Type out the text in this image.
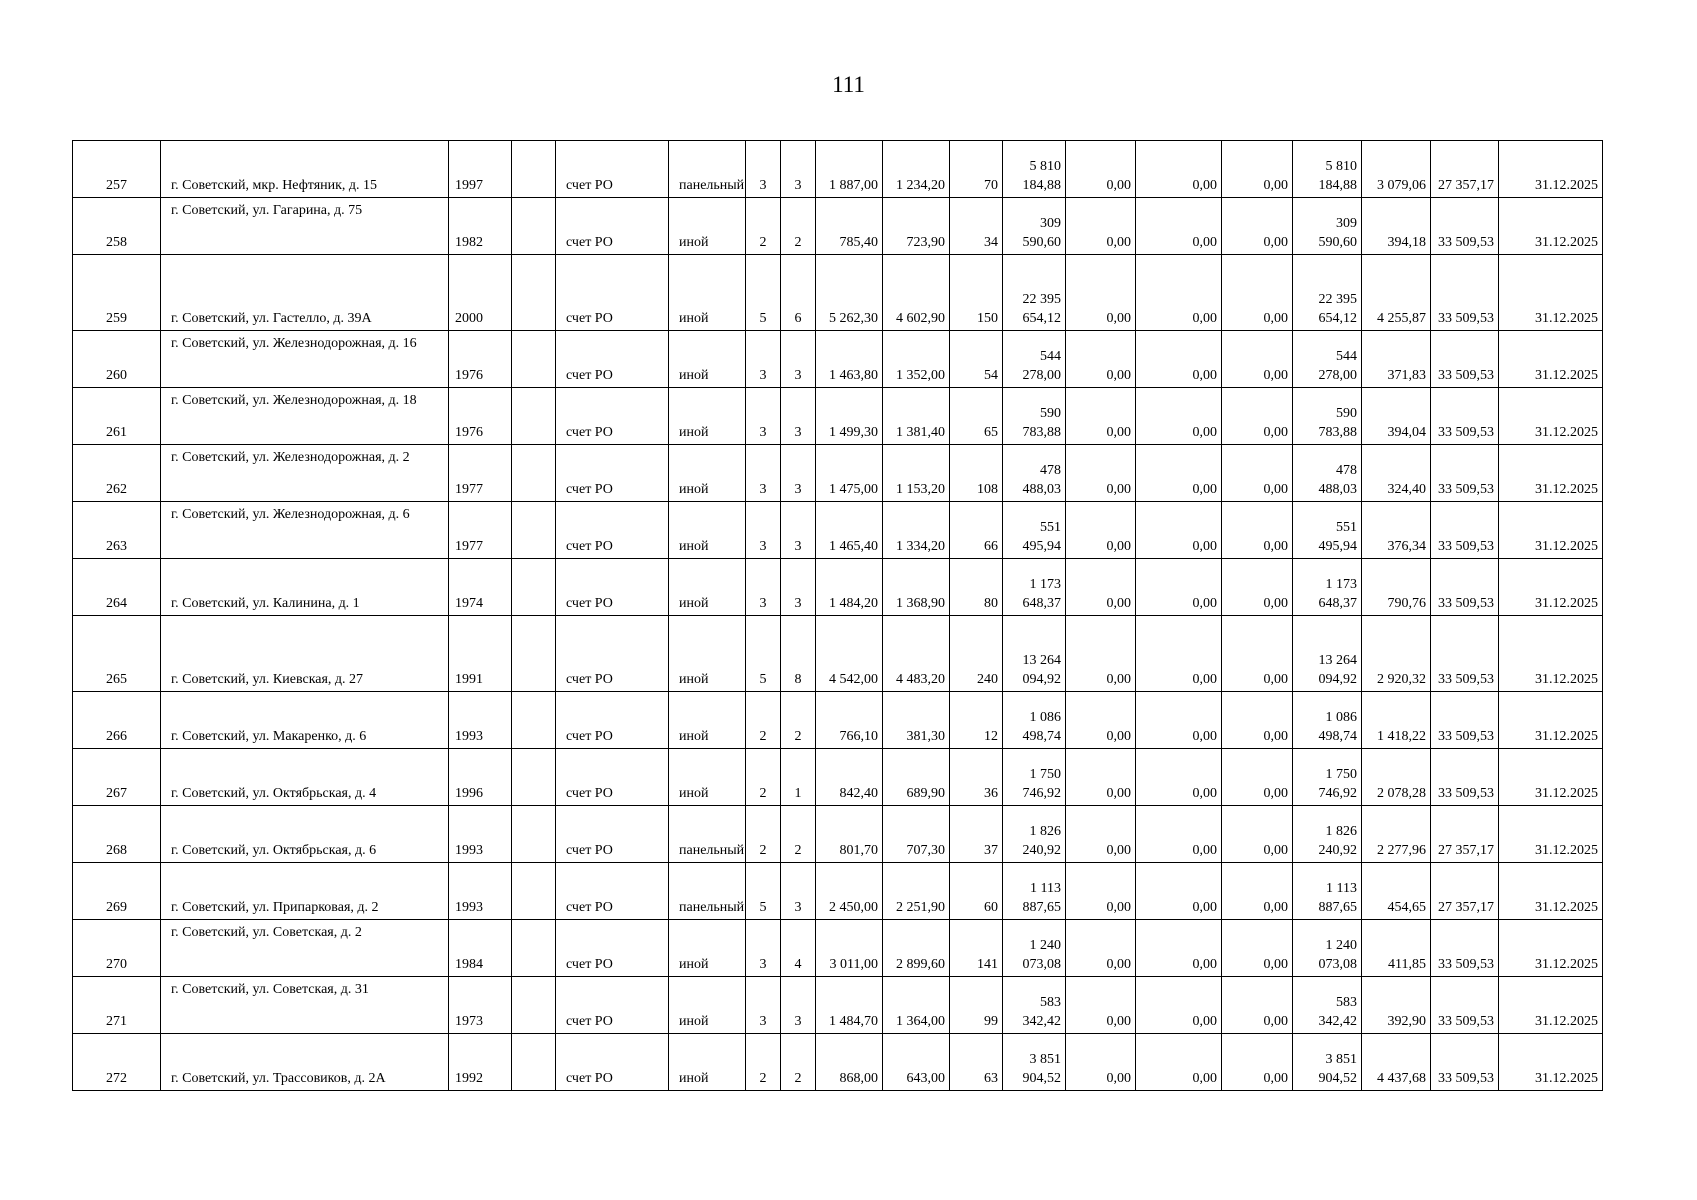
111
257	г. Советский, мкр. Нефтяник, д. 15	1997		счет РО	панельный	3	3	1 887,00	1 234,20	70	5 810 184,88	0,00	0,00	0,00	5 810 184,88	3 079,06	27 357,17	31.12.2025
258	г. Советский, ул. Гагарина, д. 75	1982		счет РО	иной	2	2	785,40	723,90	34	309 590,60	0,00	0,00	0,00	309 590,60	394,18	33 509,53	31.12.2025
259	г. Советский, ул. Гастелло, д. 39А	2000		счет РО	иной	5	6	5 262,30	4 602,90	150	22 395 654,12	0,00	0,00	0,00	22 395 654,12	4 255,87	33 509,53	31.12.2025
260	г. Советский, ул. Железнодорожная, д. 16	1976		счет РО	иной	3	3	1 463,80	1 352,00	54	544 278,00	0,00	0,00	0,00	544 278,00	371,83	33 509,53	31.12.2025
261	г. Советский, ул. Железнодорожная, д. 18	1976		счет РО	иной	3	3	1 499,30	1 381,40	65	590 783,88	0,00	0,00	0,00	590 783,88	394,04	33 509,53	31.12.2025
262	г. Советский, ул. Железнодорожная, д. 2	1977		счет РО	иной	3	3	1 475,00	1 153,20	108	478 488,03	0,00	0,00	0,00	478 488,03	324,40	33 509,53	31.12.2025
263	г. Советский, ул. Железнодорожная, д. 6	1977		счет РО	иной	3	3	1 465,40	1 334,20	66	551 495,94	0,00	0,00	0,00	551 495,94	376,34	33 509,53	31.12.2025
264	г. Советский, ул. Калинина, д. 1	1974		счет РО	иной	3	3	1 484,20	1 368,90	80	1 173 648,37	0,00	0,00	0,00	1 173 648,37	790,76	33 509,53	31.12.2025
265	г. Советский, ул. Киевская, д. 27	1991		счет РО	иной	5	8	4 542,00	4 483,20	240	13 264 094,92	0,00	0,00	0,00	13 264 094,92	2 920,32	33 509,53	31.12.2025
266	г. Советский, ул. Макаренко, д. 6	1993		счет РО	иной	2	2	766,10	381,30	12	1 086 498,74	0,00	0,00	0,00	1 086 498,74	1 418,22	33 509,53	31.12.2025
267	г. Советский, ул. Октябрьская, д. 4	1996		счет РО	иной	2	1	842,40	689,90	36	1 750 746,92	0,00	0,00	0,00	1 750 746,92	2 078,28	33 509,53	31.12.2025
268	г. Советский, ул. Октябрьская, д. 6	1993		счет РО	панельный	2	2	801,70	707,30	37	1 826 240,92	0,00	0,00	0,00	1 826 240,92	2 277,96	27 357,17	31.12.2025
269	г. Советский, ул. Припарковая, д. 2	1993		счет РО	панельный	5	3	2 450,00	2 251,90	60	1 113 887,65	0,00	0,00	0,00	1 113 887,65	454,65	27 357,17	31.12.2025
270	г. Советский, ул. Советская, д. 2	1984		счет РО	иной	3	4	3 011,00	2 899,60	141	1 240 073,08	0,00	0,00	0,00	1 240 073,08	411,85	33 509,53	31.12.2025
271	г. Советский, ул. Советская, д. 31	1973		счет РО	иной	3	3	1 484,70	1 364,00	99	583 342,42	0,00	0,00	0,00	583 342,42	392,90	33 509,53	31.12.2025
272	г. Советский, ул. Трассовиков, д. 2А	1992		счет РО	иной	2	2	868,00	643,00	63	3 851 904,52	0,00	0,00	0,00	3 851 904,52	4 437,68	33 509,53	31.12.2025
